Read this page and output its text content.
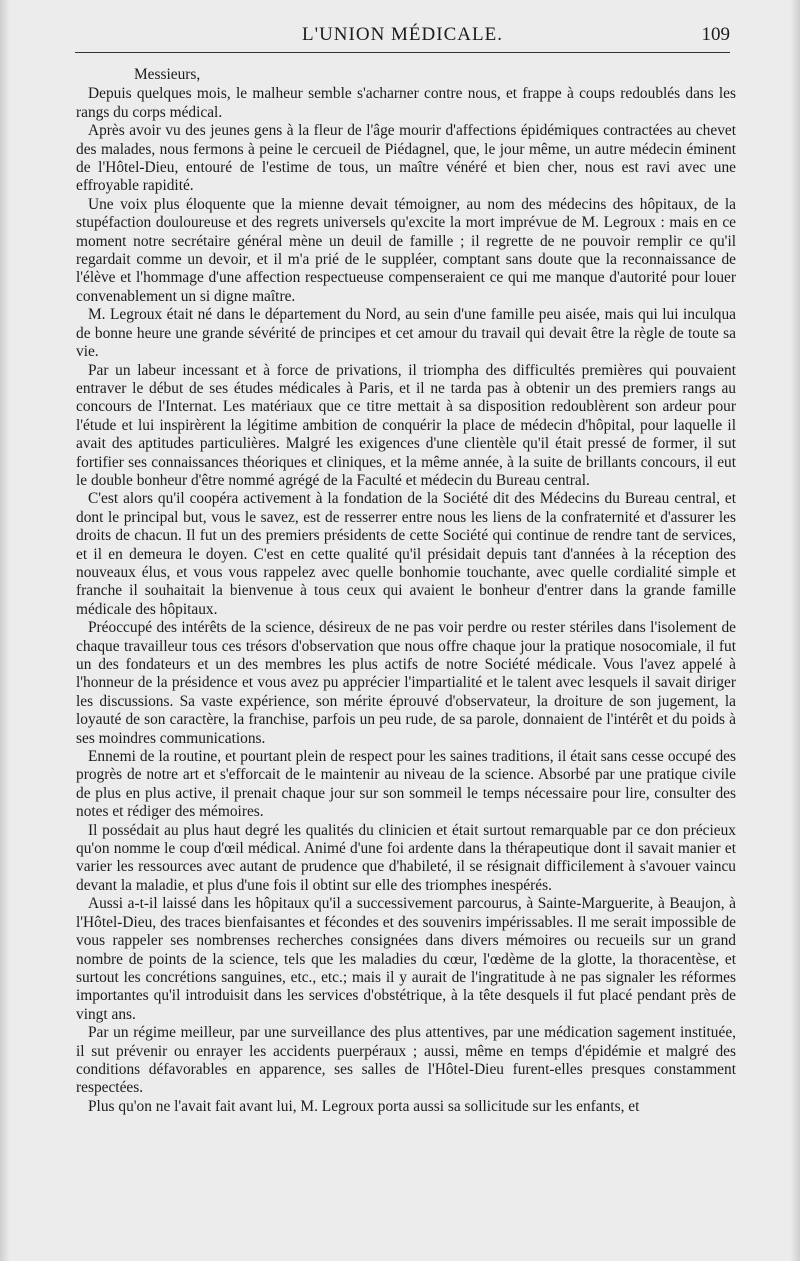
L'UNION MÉDICALE.	109

Messieurs,

Depuis quelques mois, le malheur semble s'acharner contre nous, et frappe à coups redoublés dans les rangs du corps médical.

Après avoir vu des jeunes gens à la fleur de l'âge mourir d'affections épidémiques contractées au chevet des malades, nous fermons à peine le cercueil de Piédagnel, que, le jour même, un autre médecin éminent de l'Hôtel-Dieu, entouré de l'estime de tous, un maître vénéré et bien cher, nous est ravi avec une effroyable rapidité.

Une voix plus éloquente que la mienne devait témoigner, au nom des médecins des hôpitaux, de la stupéfaction douloureuse et des regrets universels qu'excite la mort imprévue de M. Legroux : mais en ce moment notre secrétaire général mène un deuil de famille ; il regrette de ne pouvoir remplir ce qu'il regardait comme un devoir, et il m'a prié de le suppléer, comptant sans doute que la reconnaissance de l'élève et l'hommage d'une affection respectueuse compenseraient ce qui me manque d'autorité pour louer convenablement un si digne maître.

M. Legroux était né dans le département du Nord, au sein d'une famille peu aisée, mais qui lui inculqua de bonne heure une grande sévérité de principes et cet amour du travail qui devait être la règle de toute sa vie.

Par un labeur incessant et à force de privations, il triompha des difficultés premières qui pouvaient entraver le début de ses études médicales à Paris, et il ne tarda pas à obtenir un des premiers rangs au concours de l'Internat. Les matériaux que ce titre mettait à sa disposition redoublèrent son ardeur pour l'étude et lui inspirèrent la légitime ambition de conquérir la place de médecin d'hôpital, pour laquelle il avait des aptitudes particulières. Malgré les exigences d'une clientèle qu'il était pressé de former, il sut fortifier ses connaissances théoriques et cliniques, et la même année, à la suite de brillants concours, il eut le double bonheur d'être nommé agrégé de la Faculté et médecin du Bureau central.

C'est alors qu'il coopéra activement à la fondation de la Société dit des Médecins du Bureau central, et dont le principal but, vous le savez, est de resserrer entre nous les liens de la confraternité et d'assurer les droits de chacun. Il fut un des premiers présidents de cette Société qui continue de rendre tant de services, et il en demeura le doyen. C'est en cette qualité qu'il présidait depuis tant d'années à la réception des nouveaux élus, et vous vous rappelez avec quelle bonhomie touchante, avec quelle cordialité simple et franche il souhaitait la bienvenue à tous ceux qui avaient le bonheur d'entrer dans la grande famille médicale des hôpitaux.

Préoccupé des intérêts de la science, désireux de ne pas voir perdre ou rester stériles dans l'isolement de chaque travailleur tous ces trésors d'observation que nous offre chaque jour la pratique nosocomiale, il fut un des fondateurs et un des membres les plus actifs de notre Société médicale. Vous l'avez appelé à l'honneur de la présidence et vous avez pu apprécier l'impartialité et le talent avec lesquels il savait diriger les discussions. Sa vaste expérience, son mérite éprouvé d'observateur, la droiture de son jugement, la loyauté de son caractère, la franchise, parfois un peu rude, de sa parole, donnaient de l'intérêt et du poids à ses moindres communications.

Ennemi de la routine, et pourtant plein de respect pour les saines traditions, il était sans cesse occupé des progrès de notre art et s'efforcait de le maintenir au niveau de la science. Absorbé par une pratique civile de plus en plus active, il prenait chaque jour sur son sommeil le temps nécessaire pour lire, consulter des notes et rédiger des mémoires.

Il possédait au plus haut degré les qualités du clinicien et était surtout remarquable par ce don précieux qu'on nomme le coup d'œil médical. Animé d'une foi ardente dans la thérapeutique dont il savait manier et varier les ressources avec autant de prudence que d'habileté, il se résignait difficilement à s'avouer vaincu devant la maladie, et plus d'une fois il obtint sur elle des triomphes inespérés.

Aussi a-t-il laissé dans les hôpitaux qu'il a successivement parcourus, à Sainte-Marguerite, à Beaujon, à l'Hôtel-Dieu, des traces bienfaisantes et fécondes et des souvenirs impérissables. Il me serait impossible de vous rappeler ses nombrenses recherches consignées dans divers mémoires ou recueils sur un grand nombre de points de la science, tels que les maladies du cœur, l'œdème de la glotte, la thoracentèse, et surtout les concrétions sanguines, etc., etc.; mais il y aurait de l'ingratitude à ne pas signaler les réformes importantes qu'il introduisit dans les services d'obstétrique, à la tête desquels il fut placé pendant près de vingt ans.

Par un régime meilleur, par une surveillance des plus attentives, par une médication sagement instituée, il sut prévenir ou enrayer les accidents puerpéraux ; aussi, même en temps d'épidémie et malgré des conditions défavorables en apparence, ses salles de l'Hôtel-Dieu furent-elles presques constamment respectées.

Plus qu'on ne l'avait fait avant lui, M. Legroux porta aussi sa sollicitude sur les enfants, et
